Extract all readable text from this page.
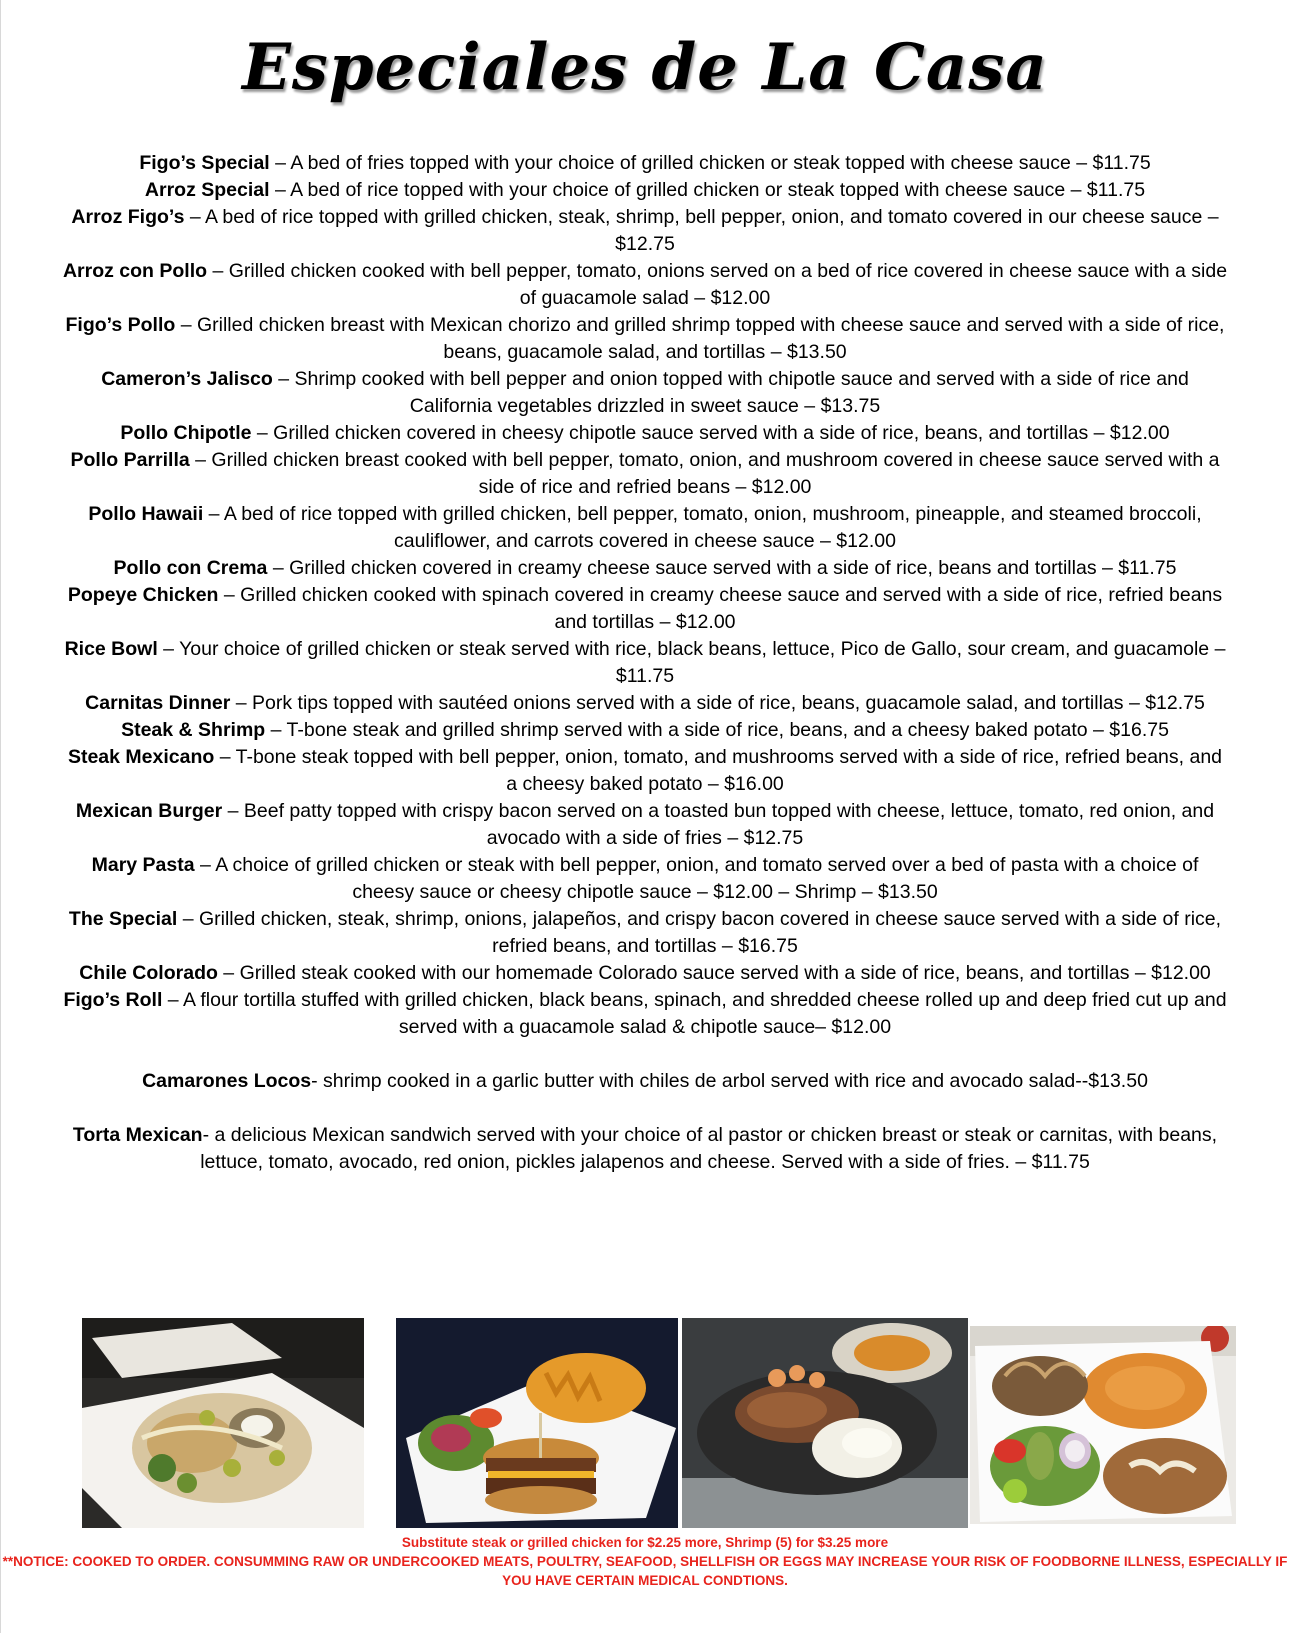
Especiales de La Casa
Figo’s Special – A bed of fries topped with your choice of grilled chicken or steak topped with cheese sauce – $11.75
Arroz Special – A bed of rice topped with your choice of grilled chicken or steak topped with cheese sauce – $11.75
Arroz Figo’s – A bed of rice topped with grilled chicken, steak, shrimp, bell pepper, onion, and tomato covered in our cheese sauce – $12.75
Arroz con Pollo – Grilled chicken cooked with bell pepper, tomato, onions served on a bed of rice covered in cheese sauce with a side of guacamole salad – $12.00
Figo’s Pollo – Grilled chicken breast with Mexican chorizo and grilled shrimp topped with cheese sauce and served with a side of rice, beans, guacamole salad, and tortillas – $13.50
Cameron’s Jalisco – Shrimp cooked with bell pepper and onion topped with chipotle sauce and served with a side of rice and California vegetables drizzled in sweet sauce – $13.75
Pollo Chipotle – Grilled chicken covered in cheesy chipotle sauce served with a side of rice, beans, and tortillas – $12.00
Pollo Parrilla – Grilled chicken breast cooked with bell pepper, tomato, onion, and mushroom covered in cheese sauce served with a side of rice and refried beans – $12.00
Pollo Hawaii – A bed of rice topped with grilled chicken, bell pepper, tomato, onion, mushroom, pineapple, and steamed broccoli, cauliflower, and carrots covered in cheese sauce – $12.00
Pollo con Crema – Grilled chicken covered in creamy cheese sauce served with a side of rice, beans and tortillas – $11.75
Popeye Chicken – Grilled chicken cooked with spinach covered in creamy cheese sauce and served with a side of rice, refried beans and tortillas – $12.00
Rice Bowl – Your choice of grilled chicken or steak served with rice, black beans, lettuce, Pico de Gallo, sour cream, and guacamole – $11.75
Carnitas Dinner – Pork tips topped with sautéed onions served with a side of rice, beans, guacamole salad, and tortillas – $12.75
Steak & Shrimp – T-bone steak and grilled shrimp served with a side of rice, beans, and a cheesy baked potato – $16.75
Steak Mexicano – T-bone steak topped with bell pepper, onion, tomato, and mushrooms served with a side of rice, refried beans, and a cheesy baked potato – $16.00
Mexican Burger – Beef patty topped with crispy bacon served on a toasted bun topped with cheese, lettuce, tomato, red onion, and avocado with a side of fries – $12.75
Mary Pasta – A choice of grilled chicken or steak with bell pepper, onion, and tomato served over a bed of pasta with a choice of cheesy sauce or cheesy chipotle sauce – $12.00 – Shrimp – $13.50
The Special – Grilled chicken, steak, shrimp, onions, jalapeños, and crispy bacon covered in cheese sauce served with a side of rice, refried beans, and tortillas – $16.75
Chile Colorado – Grilled steak cooked with our homemade Colorado sauce served with a side of rice, beans, and tortillas – $12.00
Figo’s Roll – A flour tortilla stuffed with grilled chicken, black beans, spinach, and shredded cheese rolled up and deep fried cut up and served with a guacamole salad & chipotle sauce– $12.00
Camarones Locos- shrimp cooked in a garlic butter with chiles de arbol served with rice and avocado salad--$13.50
Torta Mexican- a delicious Mexican sandwich served with your choice of al pastor or chicken breast or steak or carnitas, with beans, lettuce, tomato, avocado, red onion, pickles jalapenos and cheese. Served with a side of fries. – $11.75
Substitute steak or grilled chicken for $2.25 more, Shrimp (5) for $3.25 more
**NOTICE: COOKED TO ORDER. CONSUMMING RAW OR UNDERCOOKED MEATS, POULTRY, SEAFOOD, SHELLFISH OR EGGS MAY INCREASE YOUR RISK OF FOODBORNE ILLNESS, ESPECIALLY IF YOU HAVE CERTAIN MEDICAL CONDTIONS.
